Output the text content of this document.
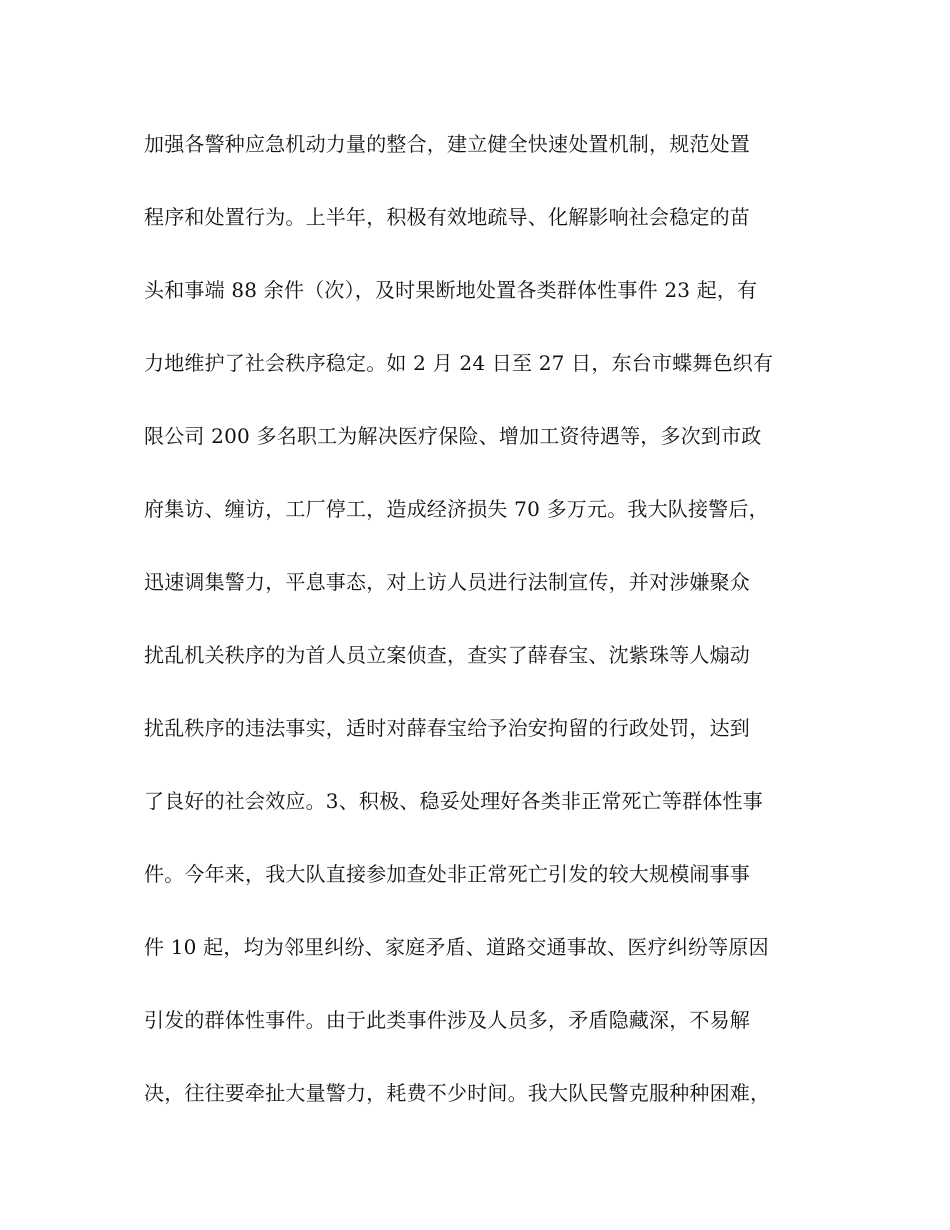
加强各警种应急机动力量的整合，建立健全快速处置机制，规范处置
程序和处置行为。上半年，积极有效地疏导、化解影响社会稳定的苗
头和事端 88 余件（次），及时果断地处置各类群体性事件 23 起，有
力地维护了社会秩序稳定。如 2 月 24 日至 27 日，东台市蝶舞色织有
限公司 200 多名职工为解决医疗保险、增加工资待遇等，多次到市政
府集访、缠访，工厂停工，造成经济损失 70 多万元。我大队接警后，
迅速调集警力，平息事态，对上访人员进行法制宣传，并对涉嫌聚众
扰乱机关秩序的为首人员立案侦查，查实了薛春宝、沈紫珠等人煽动
扰乱秩序的违法事实，适时对薛春宝给予治安拘留的行政处罚，达到
了良好的社会效应。3、积极、稳妥处理好各类非正常死亡等群体性事
件。今年来，我大队直接参加查处非正常死亡引发的较大规模闹事事
件 10 起，均为邻里纠纷、家庭矛盾、道路交通事故、医疗纠纷等原因
引发的群体性事件。由于此类事件涉及人员多，矛盾隐藏深，不易解
决，往往要牵扯大量警力，耗费不少时间。我大队民警克服种种困难，
